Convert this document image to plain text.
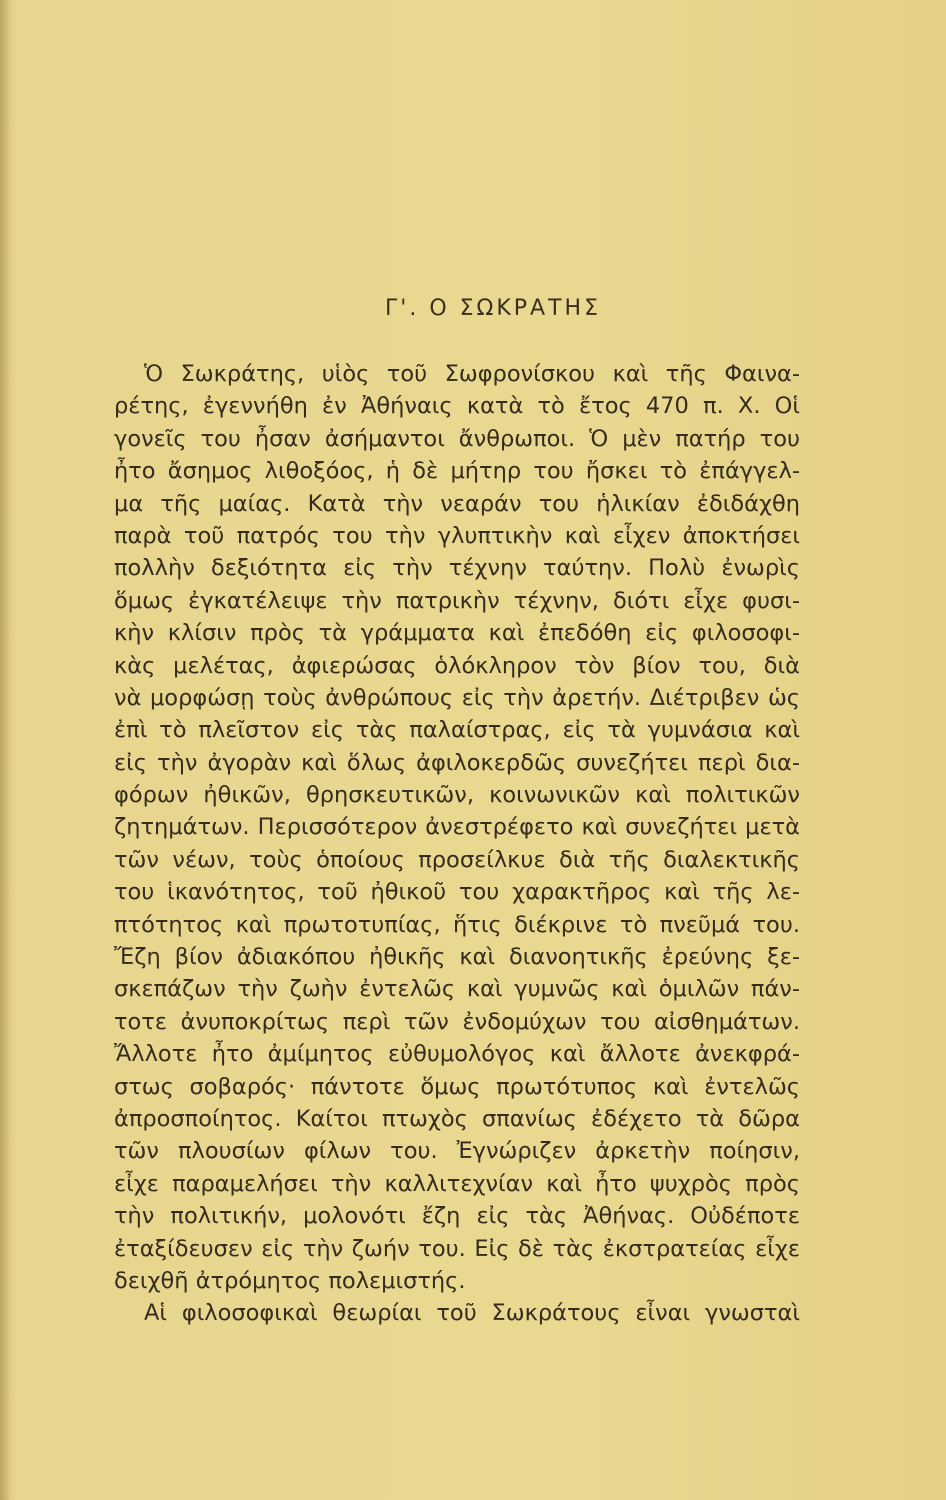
Γ'. Ο ΣΩΚΡΑΤΗΣ
Ὁ Σωκράτης, υἱὸς τοῦ Σωφρονίσκου καὶ τῆς Φαινα-
ρέτης, ἐγεννήθη ἐν Ἀθήναις κατὰ τὸ ἔτος 470 π. Χ. Οἱ
γονεῖς του ἦσαν ἀσήμαντοι ἄνθρωποι. Ὁ μὲν πατήρ του
ἦτο ἄσημος λιθοξόος, ἡ δὲ μήτηρ του ἤσκει τὸ ἐπάγγελ-
μα τῆς μαίας. Κατὰ τὴν νεαράν του ἡλικίαν ἐδιδάχθη
παρὰ τοῦ πατρός του τὴν γλυπτικὴν καὶ εἶχεν ἀποκτήσει
πολλὴν δεξιότητα εἰς τὴν τέχνην ταύτην. Πολὺ ἐνωρὶς
ὅμως ἐγκατέλειψε τὴν πατρικὴν τέχνην, διότι εἶχε φυσι-
κὴν κλίσιν πρὸς τὰ γράμματα καὶ ἐπεδόθη εἰς φιλοσοφι-
κὰς μελέτας, ἀφιερώσας ὁλόκληρον τὸν βίον του, διὰ
νὰ μορφώσῃ τοὺς ἀνθρώπους εἰς τὴν ἀρετήν. Διέτριβεν ὡς
ἐπὶ τὸ πλεῖστον εἰς τὰς παλαίστρας, εἰς τὰ γυμνάσια καὶ
εἰς τὴν ἀγορὰν καὶ ὅλως ἀφιλοκερδῶς συνεζήτει περὶ δια-
φόρων ἠθικῶν, θρησκευτικῶν, κοινωνικῶν καὶ πολιτικῶν
ζητημάτων. Περισσότερον ἀνεστρέφετο καὶ συνεζήτει μετὰ
τῶν νέων, τοὺς ὁποίους προσείλκυε διὰ τῆς διαλεκτικῆς
του ἱκανότητος, τοῦ ἠθικοῦ του χαρακτῆρος καὶ τῆς λε-
πτότητος καὶ πρωτοτυπίας, ἥτις διέκρινε τὸ πνεῦμά του.
Ἔζη βίον ἀδιακόπου ἠθικῆς καὶ διανοητικῆς ἐρεύνης ξε-
σκεπάζων τὴν ζωὴν ἐντελῶς καὶ γυμνῶς καὶ ὁμιλῶν πάν-
τοτε ἀνυποκρίτως περὶ τῶν ἐνδομύχων του αἰσθημάτων.
Ἄλλοτε ἦτο ἀμίμητος εὐθυμολόγος καὶ ἄλλοτε ἀνεκφρά-
στως σοβαρός· πάντοτε ὅμως πρωτότυπος καὶ ἐντελῶς
ἀπροσποίητος. Καίτοι πτωχὸς σπανίως ἐδέχετο τὰ δῶρα
τῶν πλουσίων φίλων του. Ἐγνώριζεν ἀρκετὴν ποίησιν,
εἶχε παραμελήσει τὴν καλλιτεχνίαν καὶ ἦτο ψυχρὸς πρὸς
τὴν πολιτικήν, μολονότι ἔζη εἰς τὰς Ἀθήνας. Οὐδέποτε
ἐταξίδευσεν εἰς τὴν ζωήν του. Εἰς δὲ τὰς ἐκστρατείας εἶχε
δειχθῆ ἀτρόμητος πολεμιστής.
Αἱ φιλοσοφικαὶ θεωρίαι τοῦ Σωκράτους εἶναι γνωσταὶ
